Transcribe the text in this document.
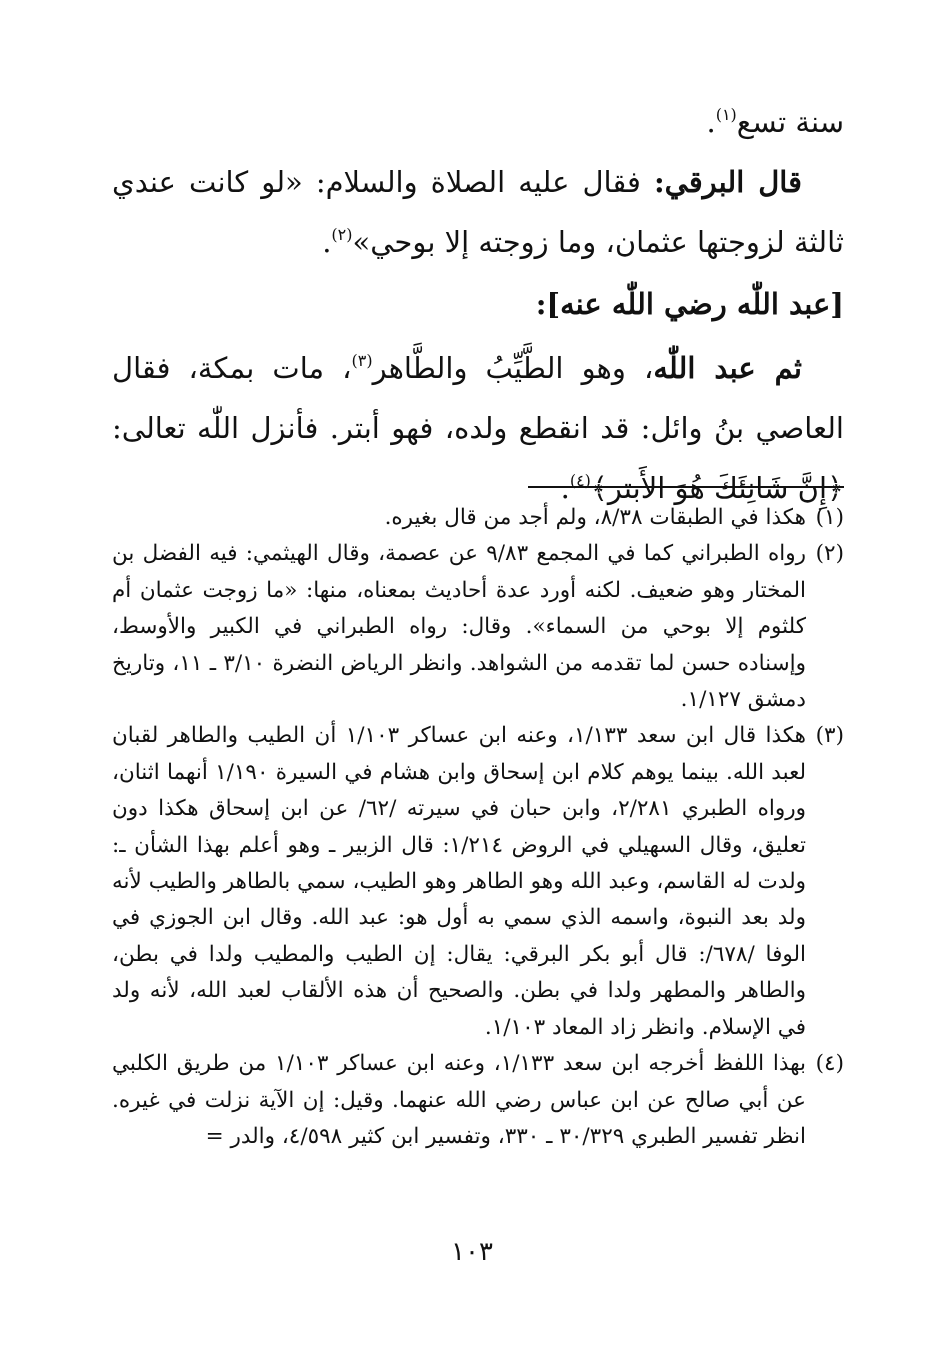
سنة تسع$^{(١)}$.

قال البرقي: فقال عليه الصلاة والسلام: «لو كانت عندي ثالثة لزوجتها عثمان، وما زوجته إلا بوحي»$^{(٢)}$.

[عبد اللّٰه رضي اللّٰه عنه]:

ثم عبد اللّٰه، وهو الطَّيِّبُ والطَّاهر$^{(٣)}$، مات بمكة، فقال العاصي بنُ وائل: قد انقطع ولده، فهو أبتر. فأنزل اللّٰه تعالى: ﴿إِنَّ شَانِئَكَ هُوَ الأَبتر﴾$^{(٤)}$.

(١)
هكذا في الطبقات ٨/٣٨، ولم أجد من قال بغيره.
(٢)
رواه الطبراني كما في المجمع ٩/٨٣ عن عصمة، وقال الهيثمي: فيه الفضل بن المختار وهو ضعيف. لكنه أورد عدة أحاديث بمعناه، منها: «ما زوجت عثمان أم كلثوم إلا بوحي من السماء». وقال: رواه الطبراني في الكبير والأوسط، وإسناده حسن لما تقدمه من الشواهد. وانظر الرياض النضرة ٣/١٠ ـ ١١، وتاريخ دمشق ١/١٢٧.
(٣)
هكذا قال ابن سعد ١/١٣٣، وعنه ابن عساكر ١/١٠٣ أن الطيب والطاهر لقبان لعبد الله. بينما يوهم كلام ابن إسحاق وابن هشام في السيرة ١/١٩٠ أنهما اثنان، ورواه الطبري ٢/٢٨١، وابن حبان في سيرته /٦٢/ عن ابن إسحاق هكذا دون تعليق، وقال السهيلي في الروض ١/٢١٤: قال الزبير ـ وهو أعلم بهذا الشأن ـ: ولدت له القاسم، وعبد الله وهو الطاهر وهو الطيب، سمي بالطاهر والطيب لأنه ولد بعد النبوة، واسمه الذي سمي به أول هو: عبد الله. وقال ابن الجوزي في الوفا /٦٧٨/: قال أبو بكر البرقي: يقال: إن الطيب والمطيب ولدا في بطن، والطاهر والمطهر ولدا في بطن. والصحيح أن هذه الألقاب لعبد الله، لأنه ولد في الإسلام. وانظر زاد المعاد ١/١٠٣.
(٤)
بهذا اللفظ أخرجه ابن سعد ١/١٣٣، وعنه ابن عساكر ١/١٠٣ من طريق الكلبي عن أبي صالح عن ابن عباس رضي الله عنهما. وقيل: إن الآية نزلت في غيره. انظر تفسير الطبري ٣٠/٣٢٩ ـ ٣٣٠، وتفسير ابن كثير ٤/٥٩٨، والدر =
١٠٣
